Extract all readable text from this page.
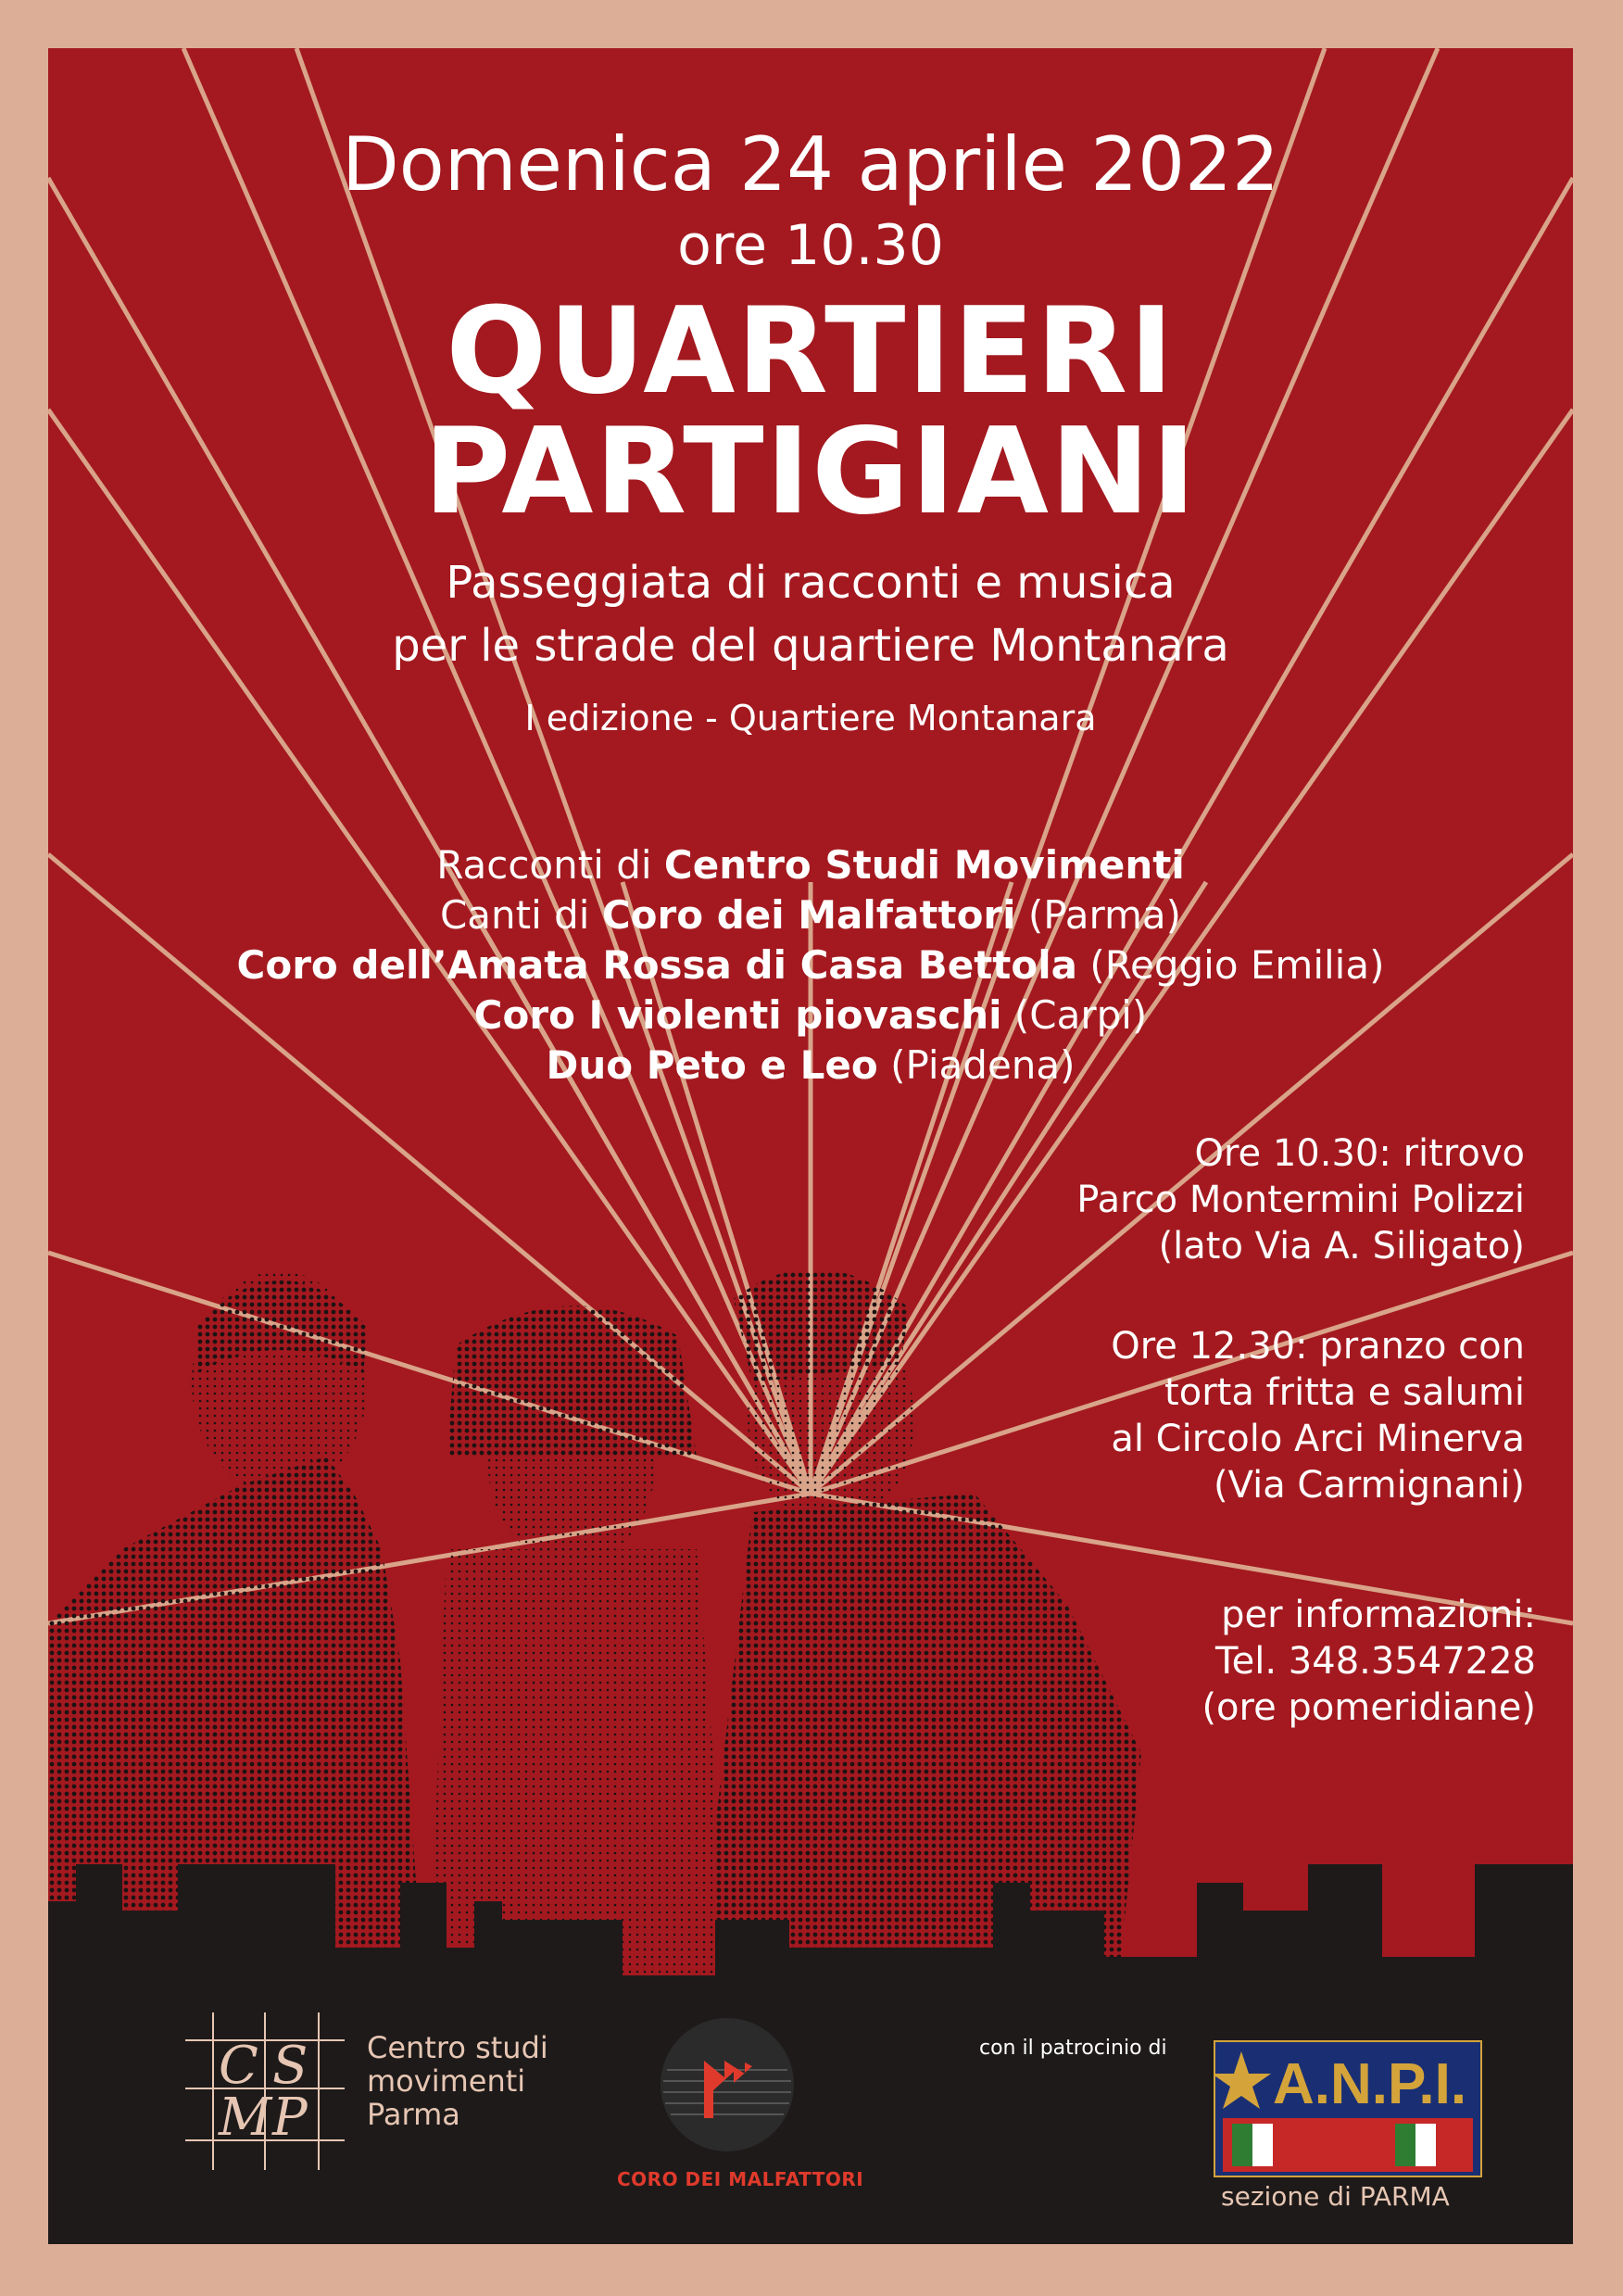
Domenica 24 aprile 2022
ore 10.30
QUARTIERI
PARTIGIANI
Passeggiata di racconti e musica
per le strade del quartiere Montanara
I edizione - Quartiere Montanara
Racconti di Centro Studi Movimenti
Canti di Coro dei Malfattori (Parma)
Coro dell’Amata Rossa di Casa Bettola (Reggio Emilia)
Coro I violenti piovaschi (Carpi)
Duo Peto e Leo (Piadena)
Ore 10.30: ritrovo
Parco Montermini Polizzi
(lato Via A. Siligato)
Ore 12.30: pranzo con
torta fritta e salumi
al Circolo Arci Minerva
(Via Carmignani)
per informazioni:
Tel. 348.3547228
(ore pomeridiane)
C S
M P
Centro studi
movimenti
Parma
CORO DEI MALFATTORI
con il patrocinio di
A.N.P.I.
sezione di PARMA
